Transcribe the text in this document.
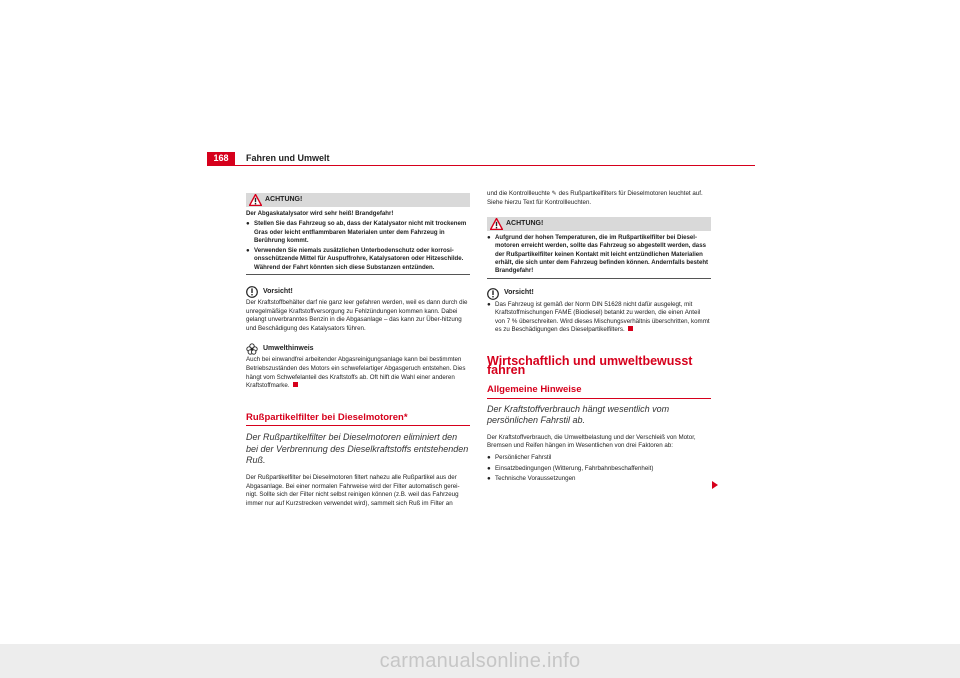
168	Fahren und Umwelt
ACHTUNG!

Der Abgaskatalysator wird sehr heiß! Brandgefahr!

● Stellen Sie das Fahrzeug so ab, dass der Katalysator nicht mit trockenem Gras oder leicht entflammbaren Materialen unter dem Fahrzeug in Berührung kommt.
● Verwenden Sie niemals zusätzlichen Unterbodenschutz oder korrosi-onsschützende Mittel für Auspuffrohre, Katalysatoren oder Hitzeschilde. Während der Fahrt könnten sich diese Substanzen entzünden.
Vorsicht!

Der Kraftstoffbehälter darf nie ganz leer gefahren werden, weil es dann durch die unregelmäßige Kraftstoffversorgung zu Fehlzündungen kommen kann. Dabei gelangt unverbranntes Benzin in die Abgasanlage – das kann zur Über-hitzung und Beschädigung des Katalysators führen.

Umwelthinweis

Auch bei einwandfrei arbeitender Abgasreinigungsanlage kann bei bestimmten Betriebszuständen des Motors ein schwefelartiger Abgasgeruch entstehen. Dies hängt vom Schwefelanteil des Kraftstoffs ab. Oft hilft die Wahl einer anderen Kraftstoffmarke.

Rußpartikelfilter bei Dieselmotoren*

Der Rußpartikelfilter bei Dieselmotoren eliminiert den bei der Verbrennung des Dieselkraftstoffs entstehenden Ruß.

Der Rußpartikelfilter bei Dieselmotoren filtert nahezu alle Rußpartikel aus der Abgasanlage. Bei einer normalen Fahrweise wird der Filter automatisch gerei-nigt. Sollte sich der Filter nicht selbst reinigen können (z.B. weil das Fahrzeug immer nur auf Kurzstrecken verwendet wird), sammelt sich Ruß im Filter an

und die Kontrollleuchte ✎ des Rußpartikelfilters für Dieselmotoren leuchtet auf. Siehe hierzu Text für Kontrollleuchten.

ACHTUNG!
● Aufgrund der hohen Temperaturen, die im Rußpartikelfilter bei Diesel-motoren erreicht werden, sollte das Fahrzeug so abgestellt werden, dass der Rußpartikelfilter keinen Kontakt mit leicht entzündlichen Materialien erhält, die sich unter dem Fahrzeug befinden können. Andernfalls besteht Brandgefahr!
Vorsicht!
● Das Fahrzeug ist gemäß der Norm DIN 51628 nicht dafür ausgelegt, mit Kraftstoffmischungen FAME (Biodiesel) betankt zu werden, die einen Anteil von 7 % überschreiten. Wird dieses Mischungsverhältnis überschritten, kommt es zu Beschädigungen des Dieselpartikelfilters.
Wirtschaftlich und umweltbewusst fahren
Allgemeine Hinweise

Der Kraftstoffverbrauch hängt wesentlich vom persönlichen Fahrstil ab.

Der Kraftstoffverbrauch, die Umweltbelastung und der Verschleiß von Motor, Bremsen und Reifen hängen im Wesentlichen von drei Faktoren ab:

● Persönlicher Fahrstil
● Einsatzbedingungen (Witterung, Fahrbahnbeschaffenheit)
● Technische Voraussetzungen
carmanualsonline.info
